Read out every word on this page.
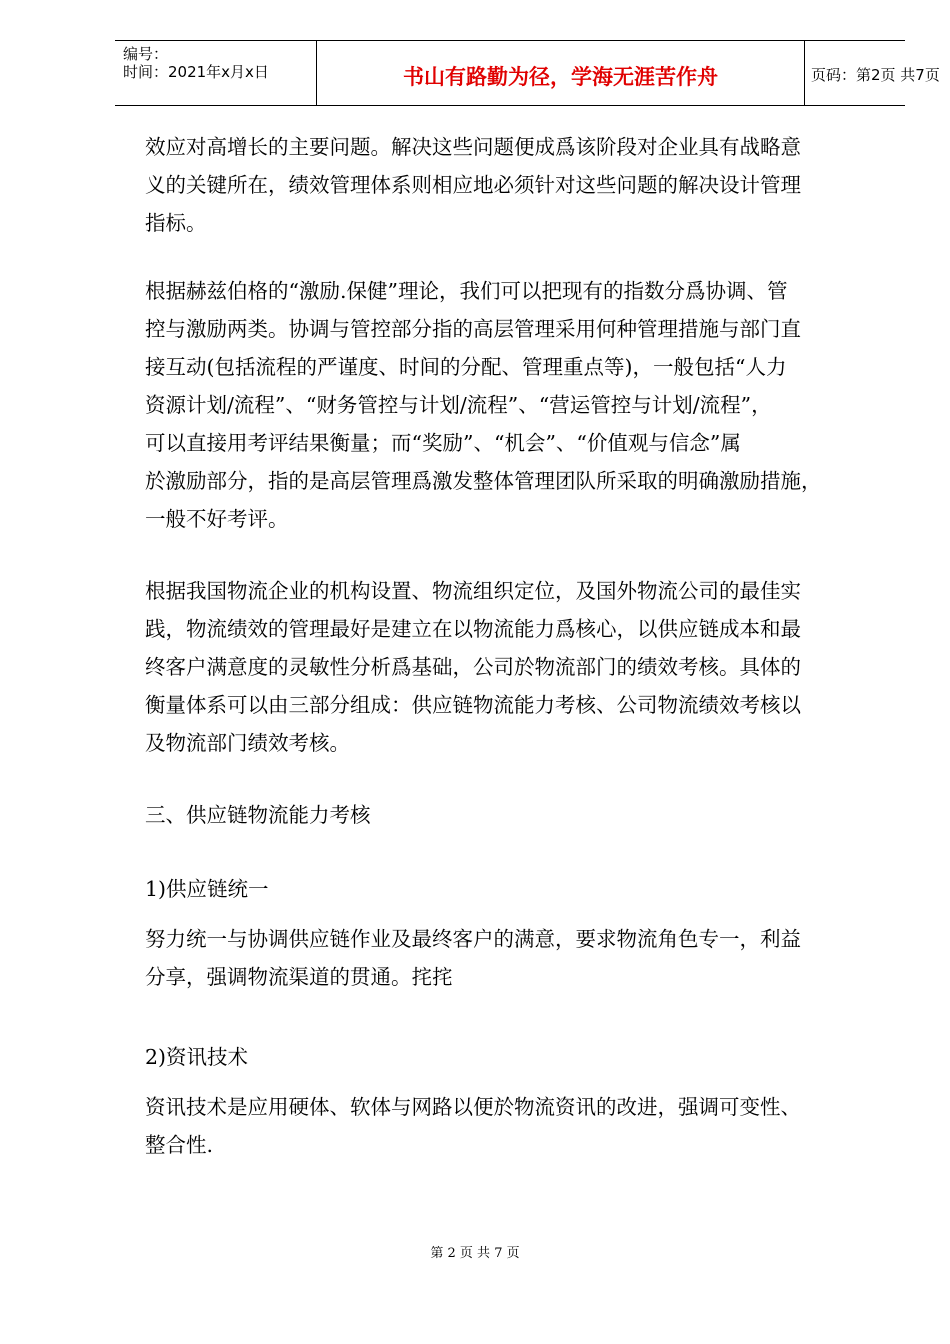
编号：
时间：2021年x月x日	书山有路勤为径，学海无涯苦作舟	页码：第2页 共7页

效应对高增长的主要问题。解决这些问题便成爲该阶段对企业具有战略意
义的关键所在，绩效管理体系则相应地必须针对这些问题的解决设计管理
指标。

根据赫兹伯格的“激励.保健”理论，我们可以把现有的指数分爲协调、管
控与激励两类。协调与管控部分指的高层管理采用何种管理措施与部门直
接互动(包括流程的严谨度、时间的分配、管理重点等)，一般包括“人力
资源计划/流程”、“财务管控与计划/流程”、“营运管控与计划/流程”，
可以直接用考评结果衡量；而“奖励”、“机会”、“价值观与信念”属
於激励部分，指的是高层管理爲激发整体管理团队所采取的明确激励措施，
一般不好考评。

根据我国物流企业的机构设置、物流组织定位，及国外物流公司的最佳实
践，物流绩效的管理最好是建立在以物流能力爲核心，以供应链成本和最
终客户满意度的灵敏性分析爲基础，公司於物流部门的绩效考核。具体的
衡量体系可以由三部分组成：供应链物流能力考核、公司物流绩效考核以
及物流部门绩效考核。

三、供应链物流能力考核

1)供应链统一

努力统一与协调供应链作业及最终客户的满意，要求物流角色专一，利益
分享，强调物流渠道的贯通。挓挓

2)资讯技术

资讯技术是应用硬体、软体与网路以便於物流资讯的改进，强调可变性、
整合性.

第 2 页 共 7 页
